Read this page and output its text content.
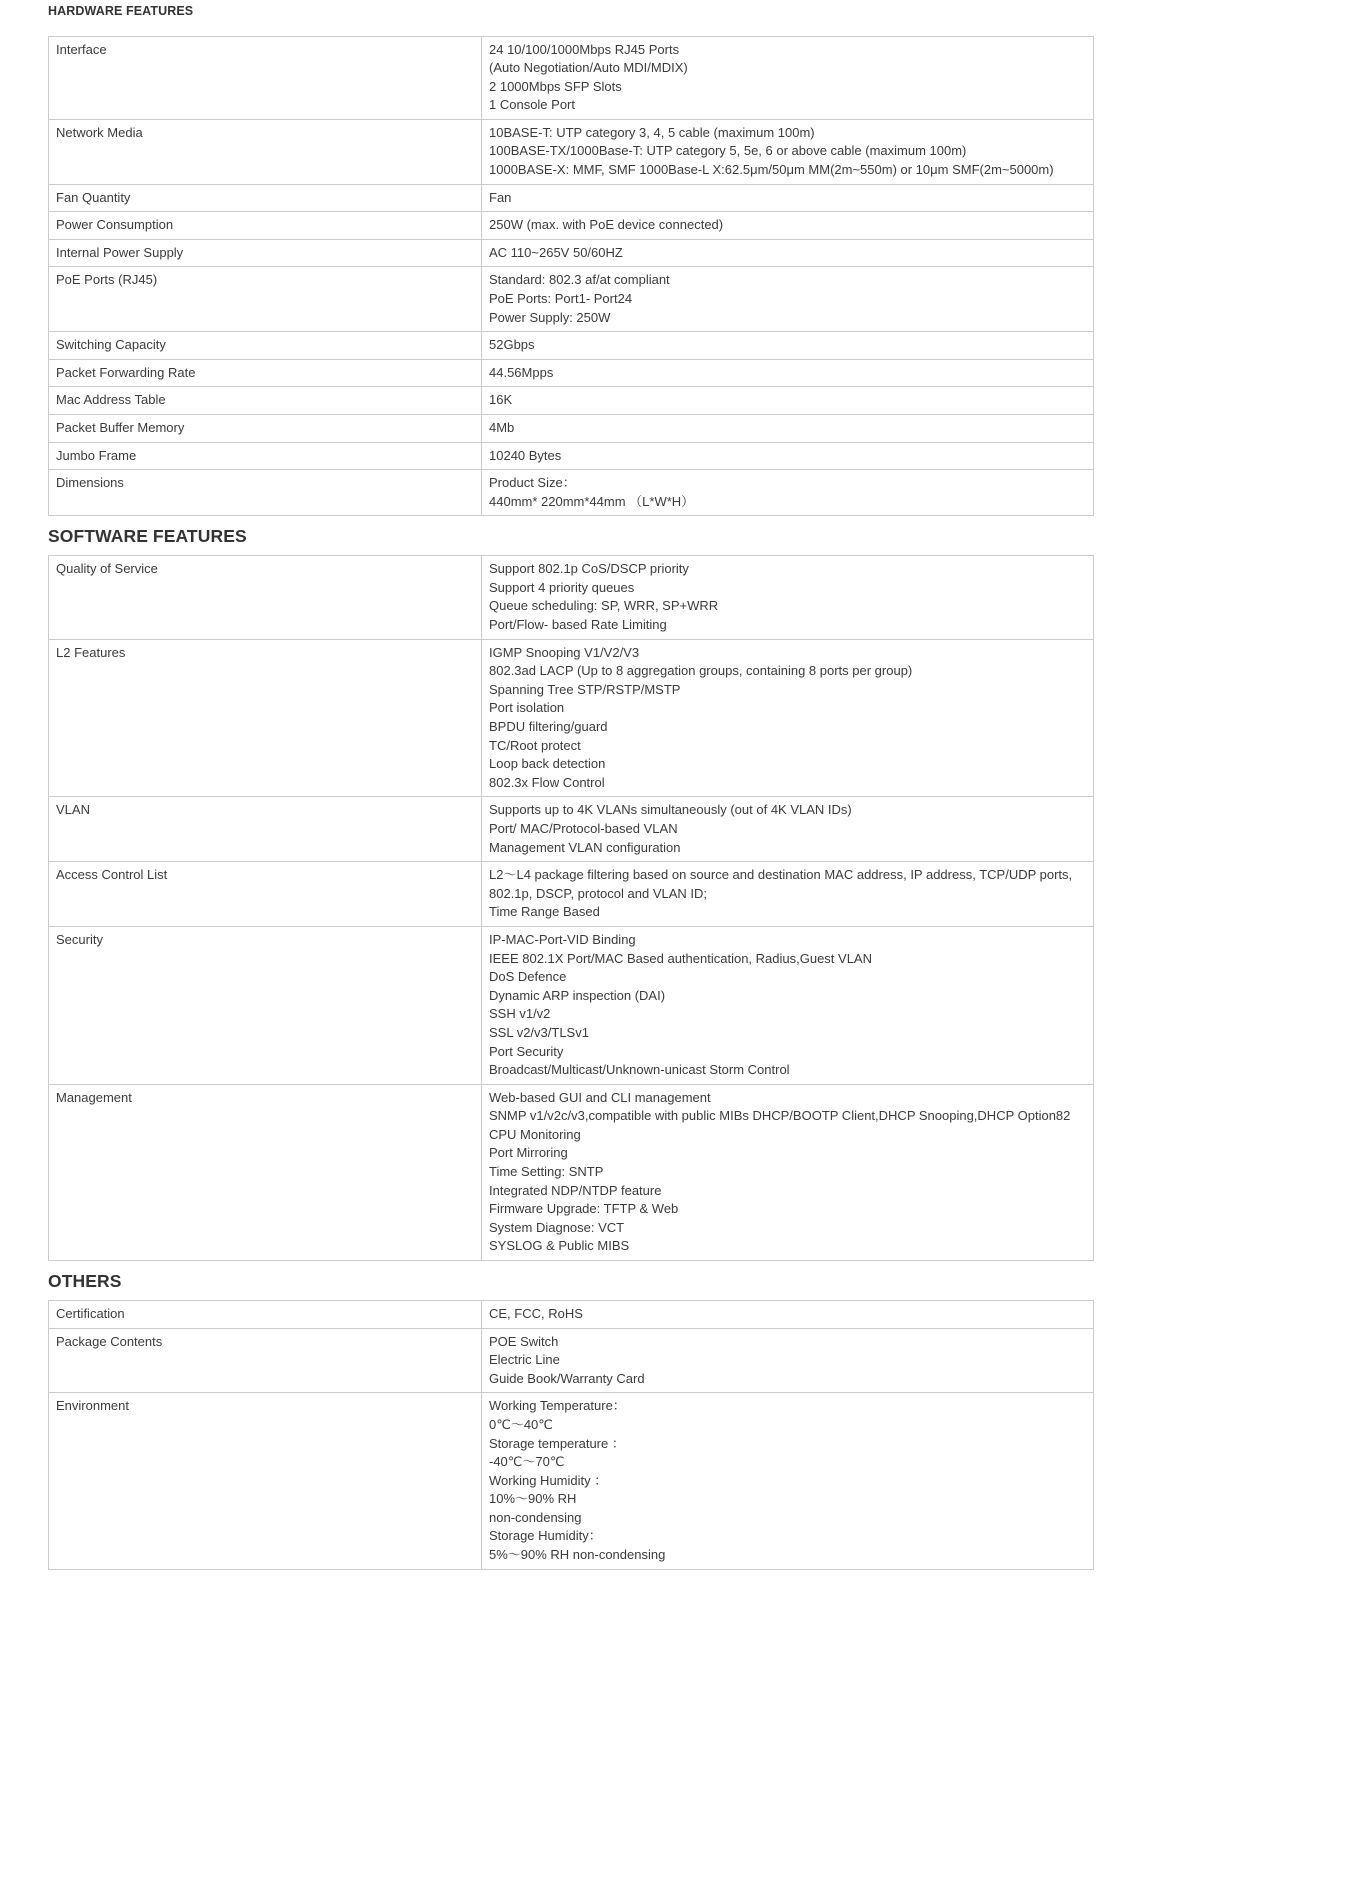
HARDWARE FEATURES
Interface	24 10/100/1000Mbps RJ45 Ports
(Auto Negotiation/Auto MDI/MDIX)
2 1000Mbps SFP Slots
1 Console Port

Network Media	10BASE-T: UTP category 3, 4, 5 cable (maximum 100m)
100BASE-TX/1000Base-T: UTP category 5, 5e, 6 or above cable (maximum 100m)
1000BASE-X: MMF, SMF 1000Base-L X:62.5μm/50μm MM(2m~550m) or 10μm SMF(2m~5000m)

Fan Quantity	Fan

Power Consumption	250W (max. with PoE device connected)

Internal Power Supply	AC 110~265V 50/60HZ

PoE Ports (RJ45)	Standard: 802.3 af/at compliant
PoE Ports: Port1- Port24
Power Supply: 250W

Switching Capacity	52Gbps

Packet Forwarding Rate	44.56Mpps

Mac Address Table	16K

Packet Buffer Memory	4Mb

Jumbo Frame	10240 Bytes

Dimensions	Product Size：
440mm* 220mm*44mm （L*W*H）
SOFTWARE FEATURES
Quality of Service	Support 802.1p CoS/DSCP priority
Support 4 priority queues
Queue scheduling: SP, WRR, SP+WRR
Port/Flow- based Rate Limiting

L2 Features	IGMP Snooping V1/V2/V3
802.3ad LACP (Up to 8 aggregation groups, containing 8 ports per group)
Spanning Tree STP/RSTP/MSTP
Port isolation
BPDU filtering/guard
TC/Root protect
Loop back detection
802.3x Flow Control

VLAN	Supports up to 4K VLANs simultaneously (out of 4K VLAN IDs)
Port/ MAC/Protocol-based VLAN
Management VLAN configuration

Access Control List	L2～L4 package filtering based on source and destination MAC address, IP address, TCP/UDP ports,
802.1p, DSCP, protocol and VLAN ID;
Time Range Based

Security	IP-MAC-Port-VID Binding
IEEE 802.1X Port/MAC Based authentication, Radius,Guest VLAN
DoS Defence
Dynamic ARP inspection (DAI)
SSH v1/v2
SSL v2/v3/TLSv1
Port Security
Broadcast/Multicast/Unknown-unicast Storm Control

Management	Web-based GUI and CLI management
SNMP v1/v2c/v3,compatible with public MIBs DHCP/BOOTP Client,DHCP Snooping,DHCP Option82
CPU Monitoring
Port Mirroring
Time Setting: SNTP
Integrated NDP/NTDP feature
Firmware Upgrade: TFTP & Web
System Diagnose: VCT
SYSLOG & Public MIBS
OTHERS
Certification	CE, FCC, RoHS

Package Contents	POE Switch
Electric Line
Guide Book/Warranty Card

Environment	Working Temperature：
0℃～40℃
Storage temperature ：
-40℃～70℃
Working Humidity ：
10%～90% RH
non-condensing
Storage Humidity：
5%～90% RH non-condensing
